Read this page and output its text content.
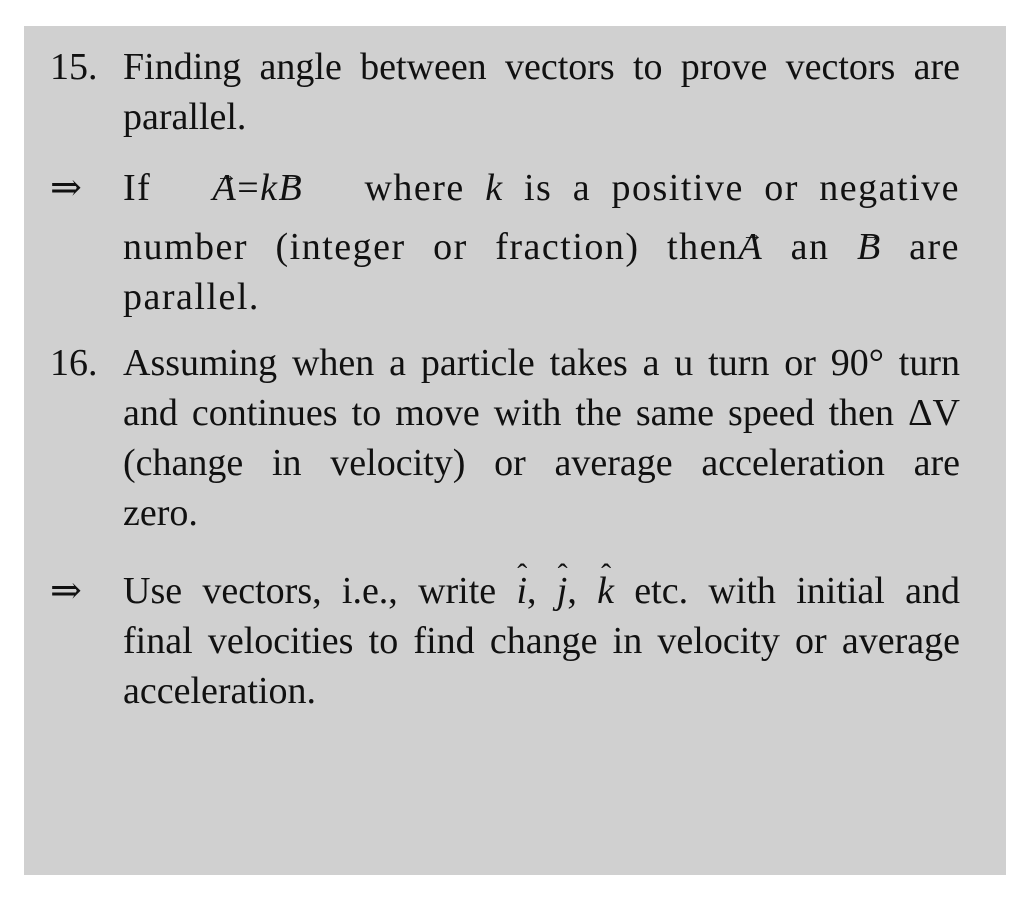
15. Finding angle between vectors to prove vectors are
parallel.
⇒ If → A=k→ B where k is a positive or negative
number (integer or fraction) then→ A an → B are
parallel.
16. Assuming when a particle takes a u turn or 90° turn
and continues to move with the same speed then ΔV
(change in velocity) or average acceleration are
zero.
⇒ Use vectors, i.e., write ˆ i, ˆ j, ˆ k etc. with initial and
final velocities to find change in velocity or average
acceleration.
